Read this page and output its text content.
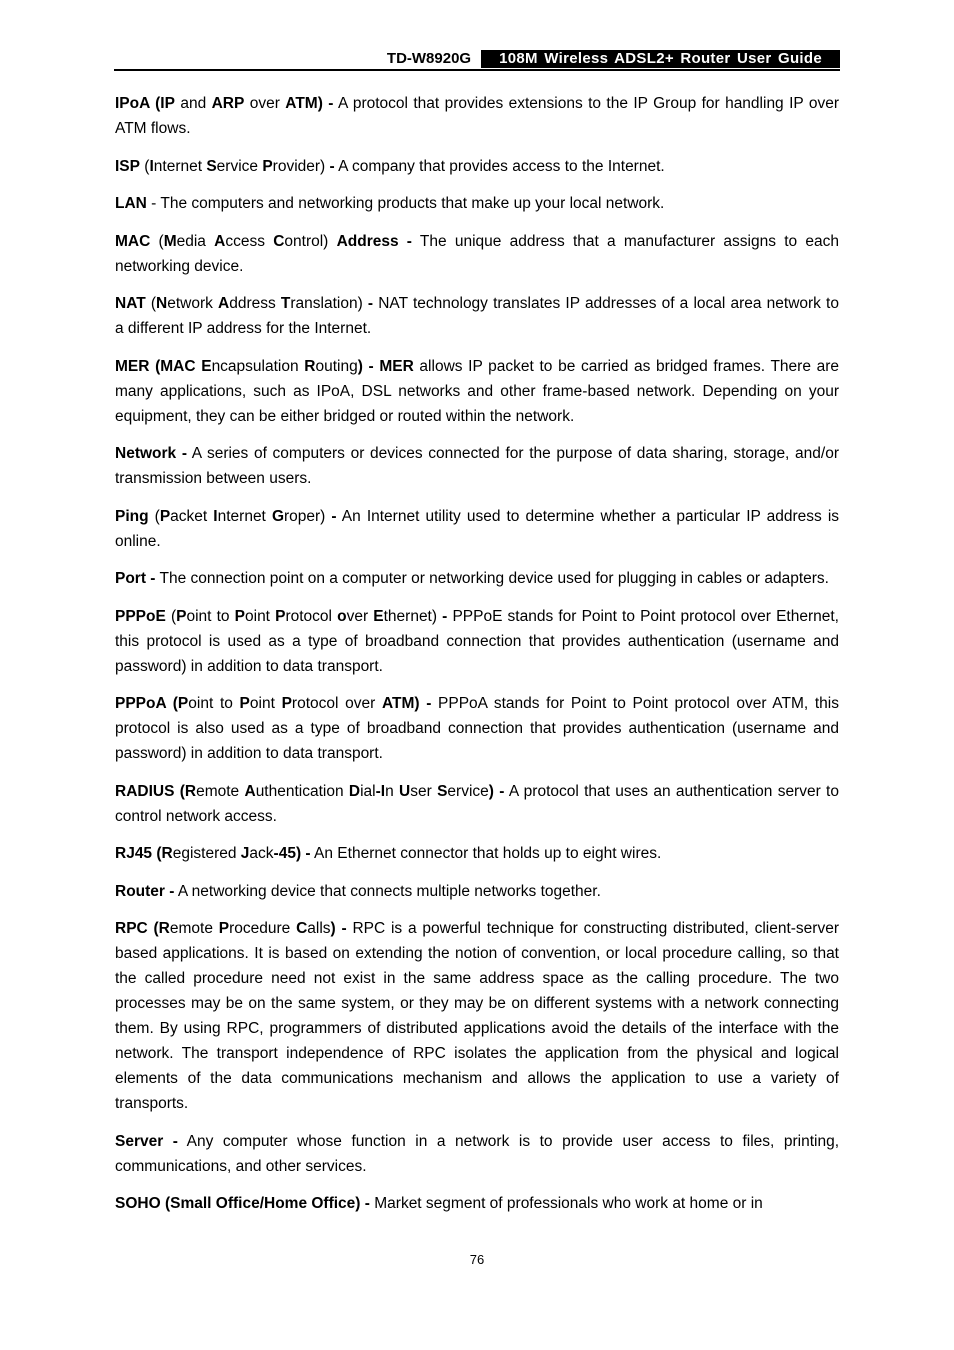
TD-W8920G	108M Wireless ADSL2+ Router User Guide

IPoA (IP and ARP over ATM) - A protocol that provides extensions to the IP Group for handling IP over ATM flows.

ISP (Internet Service Provider) - A company that provides access to the Internet.

LAN - The computers and networking products that make up your local network.

MAC (Media Access Control) Address - The unique address that a manufacturer assigns to each networking device.

NAT (Network Address Translation) - NAT technology translates IP addresses of a local area network to a different IP address for the Internet.

MER (MAC Encapsulation Routing) - MER allows IP packet to be carried as bridged frames. There are many applications, such as IPoA, DSL networks and other frame-based network. Depending on your equipment, they can be either bridged or routed within the network.

Network - A series of computers or devices connected for the purpose of data sharing, storage, and/or transmission between users.

Ping (Packet Internet Groper) - An Internet utility used to determine whether a particular IP address is online.

Port - The connection point on a computer or networking device used for plugging in cables or adapters.

PPPoE (Point to Point Protocol over Ethernet) - PPPoE stands for Point to Point protocol over Ethernet, this protocol is used as a type of broadband connection that provides authentication (username and password) in addition to data transport.

PPPoA (Point to Point Protocol over ATM) - PPPoA stands for Point to Point protocol over ATM, this protocol is also used as a type of broadband connection that provides authentication (username and password) in addition to data transport.

RADIUS (Remote Authentication Dial-In User Service) - A protocol that uses an authentication server to control network access.

RJ45 (Registered Jack-45) - An Ethernet connector that holds up to eight wires.

Router - A networking device that connects multiple networks together.

RPC (Remote Procedure Calls) - RPC is a powerful technique for constructing distributed, client-server based applications. It is based on extending the notion of convention, or local procedure calling, so that the called procedure need not exist in the same address space as the calling procedure. The two processes may be on the same system, or they may be on different systems with a network connecting them. By using RPC, programmers of distributed applications avoid the details of the interface with the network. The transport independence of RPC isolates the application from the physical and logical elements of the data communications mechanism and allows the application to use a variety of transports.

Server - Any computer whose function in a network is to provide user access to files, printing, communications, and other services.

SOHO (Small Office/Home Office) - Market segment of professionals who work at home or in

76
